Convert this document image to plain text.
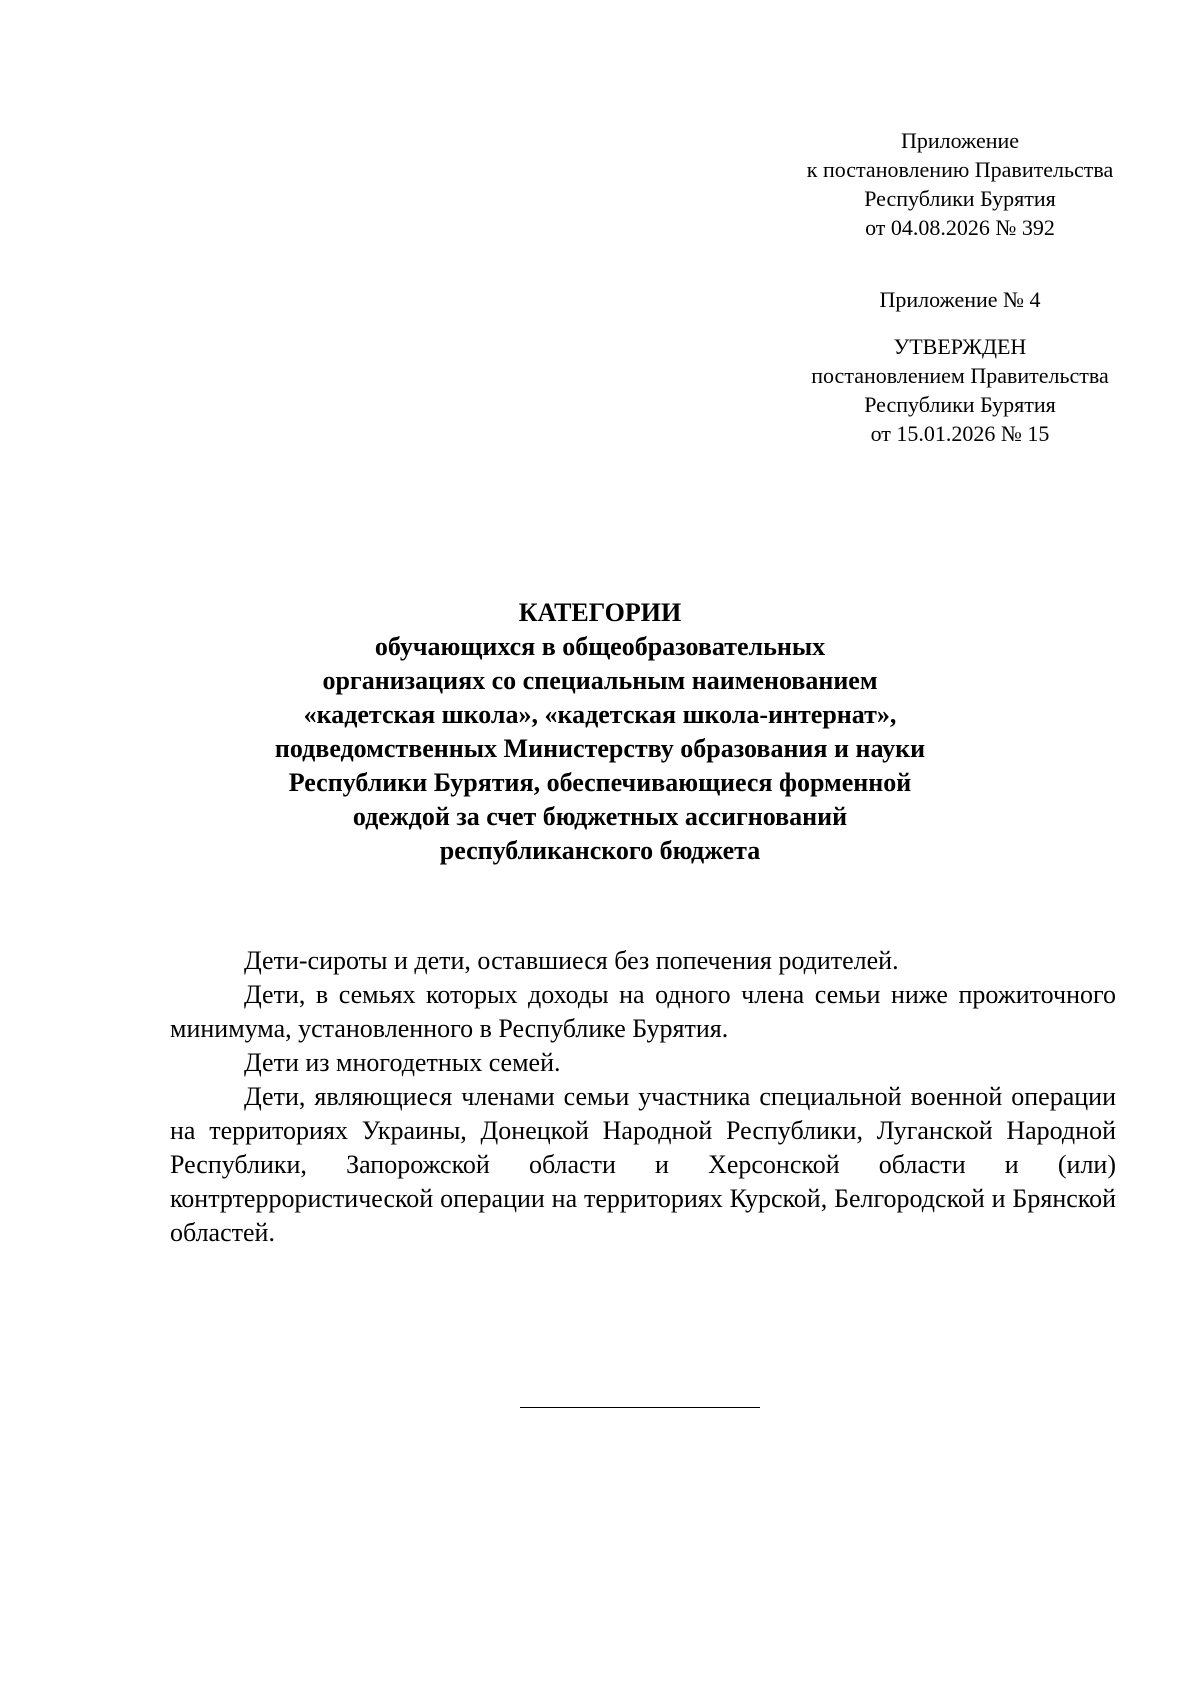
Приложение
к постановлению Правительства
Республики Бурятия
от 04.08.2026 № 392
Приложение № 4
УТВЕРЖДЕН
постановлением Правительства
Республики Бурятия
от 15.01.2026 № 15
КАТЕГОРИИ
обучающихся в общеобразовательных
организациях со специальным наименованием
«кадетская школа», «кадетская школа-интернат»,
подведомственных Министерству образования и науки
Республики Бурятия, обеспечивающиеся форменной
одеждой за счет бюджетных ассигнований
республиканского бюджета

Дети-сироты и дети, оставшиеся без попечения родителей.

Дети, в семьях которых доходы на одного члена семьи ниже прожиточного минимума, установленного в Республике Бурятия.

Дети из многодетных семей.

Дети, являющиеся членами семьи участника специальной военной операции на территориях Украины, Донецкой Народной Республики, Луганской Народной Республики, Запорожской области и Херсонской области и (или) контртеррористической операции на территориях Курской, Белгородской и Брянской областей.
